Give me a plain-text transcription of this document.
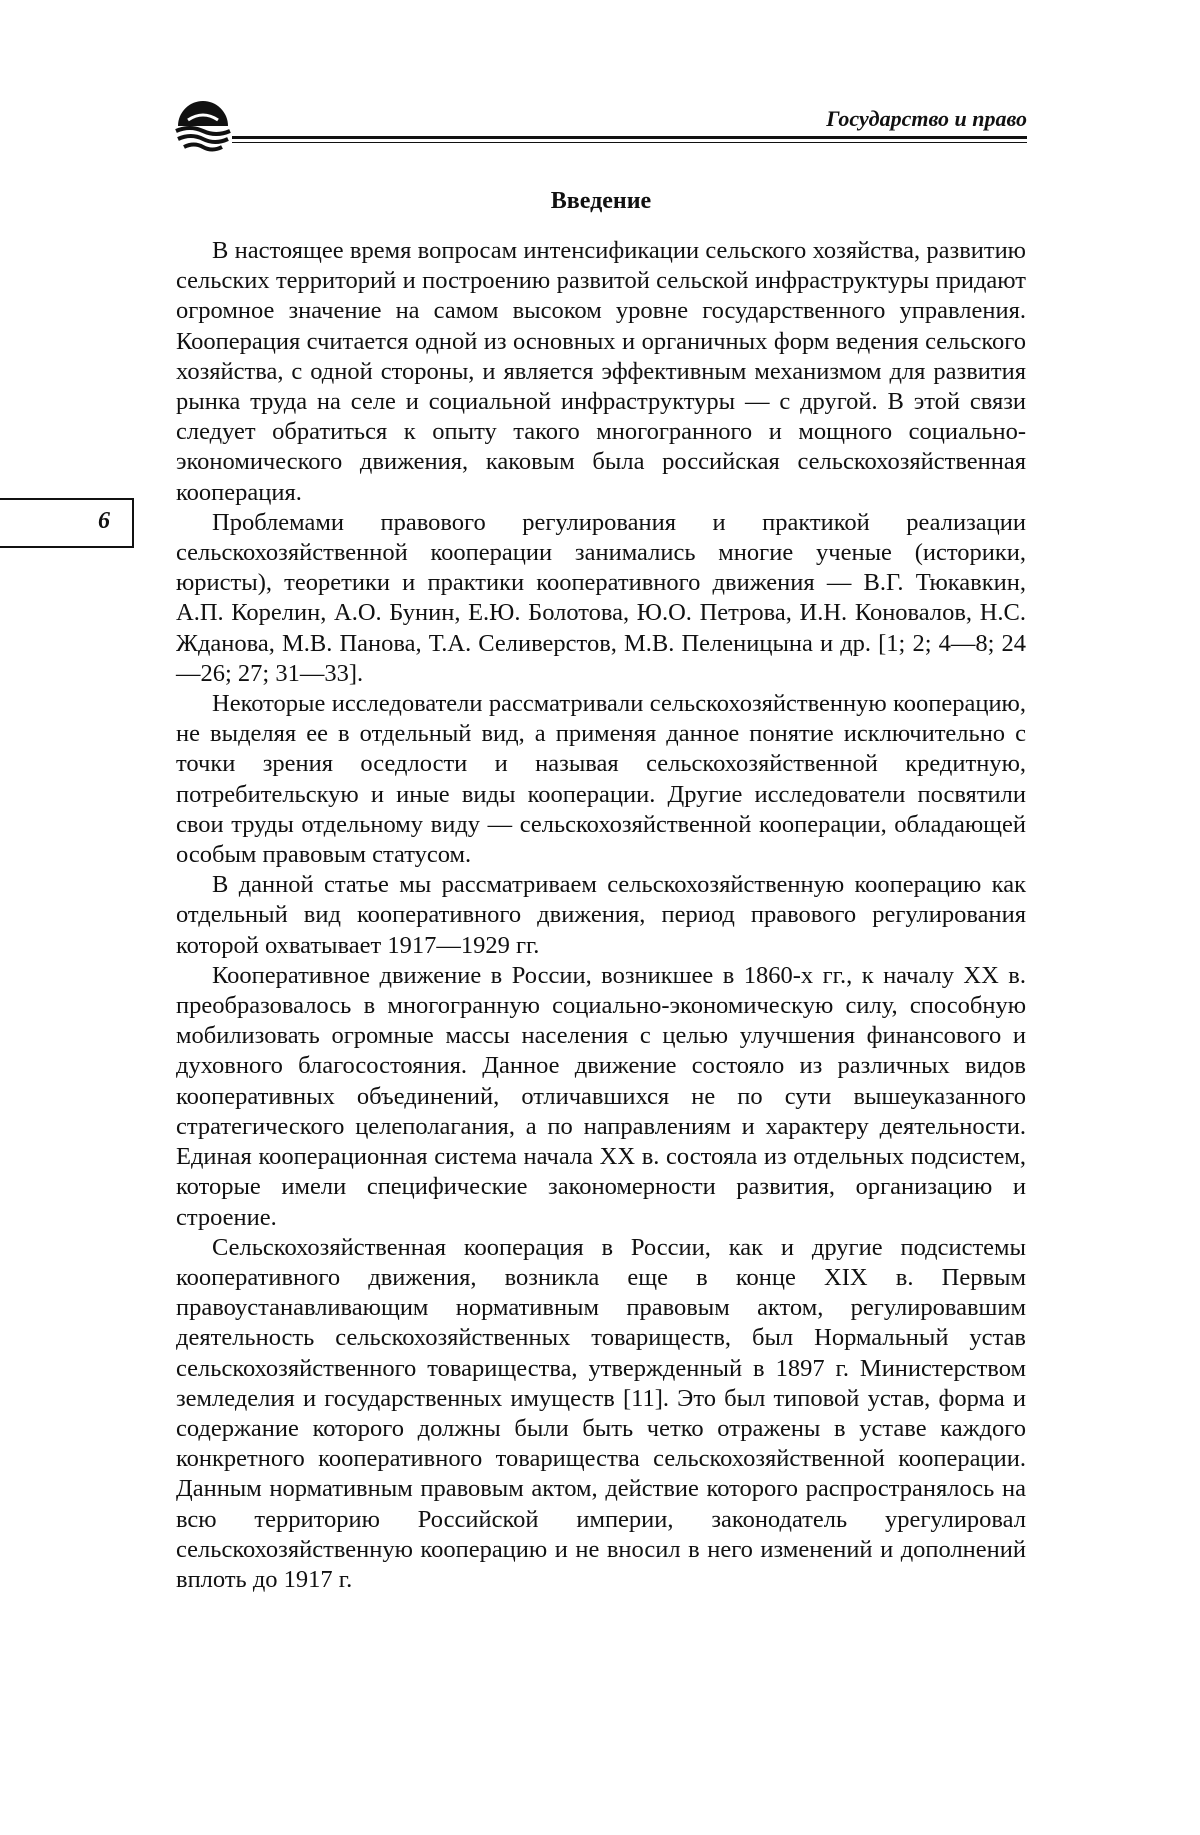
Государство и право
6
Введение

В настоящее время вопросам интенсификации сельского хозяйства, развитию сельских территорий и построению развитой сельской инфраструктуры придают огромное значение на самом высоком уровне государственного управления. Кооперация считается одной из основных и органичных форм ведения сельского хозяйства, с одной стороны, и является эффективным механизмом для развития рынка труда на селе и социальной инфраструктуры — с другой. В этой связи следует обратиться к опыту такого многогранного и мощного социально-экономического движения, каковым была российская сельскохозяйственная кооперация.

Проблемами правового регулирования и практикой реализации сельскохозяйственной кооперации занимались многие ученые (историки, юристы), теоретики и практики кооперативного движения — В.Г. Тюкавкин, А.П. Корелин, А.О. Бунин, Е.Ю. Болотова, Ю.О. Петрова, И.Н. Коновалов, Н.С. Жданова, М.В. Панова, Т.А. Селиверстов, М.В. Пеленицына и др. [1; 2; 4—8; 24—26; 27; 31—33].

Некоторые исследователи рассматривали сельскохозяйственную кооперацию, не выделяя ее в отдельный вид, а применяя данное понятие исключительно с точки зрения оседлости и называя сельскохозяйственной кредитную, потребительскую и иные виды кооперации. Другие исследователи посвятили свои труды отдельному виду — сельскохозяйственной кооперации, обладающей особым правовым статусом.

В данной статье мы рассматриваем сельскохозяйственную кооперацию как отдельный вид кооперативного движения, период правового регулирования которой охватывает 1917—1929 гг.

Кооперативное движение в России, возникшее в 1860-х гг., к началу XX в. преобразовалось в многогранную социально-экономическую силу, способную мобилизовать огромные массы населения с целью улучшения финансового и духовного благосостояния. Данное движение состояло из различных видов кооперативных объединений, отличавшихся не по сути вышеуказанного стратегического целеполагания, а по направлениям и характеру деятельности. Единая кооперационная система начала XX в. состояла из отдельных подсистем, которые имели специфические закономерности развития, организацию и строение.

Сельскохозяйственная кооперация в России, как и другие подсистемы кооперативного движения, возникла еще в конце XIX в. Первым правоустанавливающим нормативным правовым актом, регулировавшим деятельность сельскохозяйственных товариществ, был Нормальный устав сельскохозяйственного товарищества, утвержденный в 1897 г. Министерством земледелия и государственных имуществ [11]. Это был типовой устав, форма и содержание которого должны были быть четко отражены в уставе каждого конкретного кооперативного товарищества сельскохозяйственной кооперации. Данным нормативным правовым актом, действие которого распространялось на всю территорию Российской империи, законодатель урегулировал сельскохозяйственную кооперацию и не вносил в него изменений и дополнений вплоть до 1917 г.
